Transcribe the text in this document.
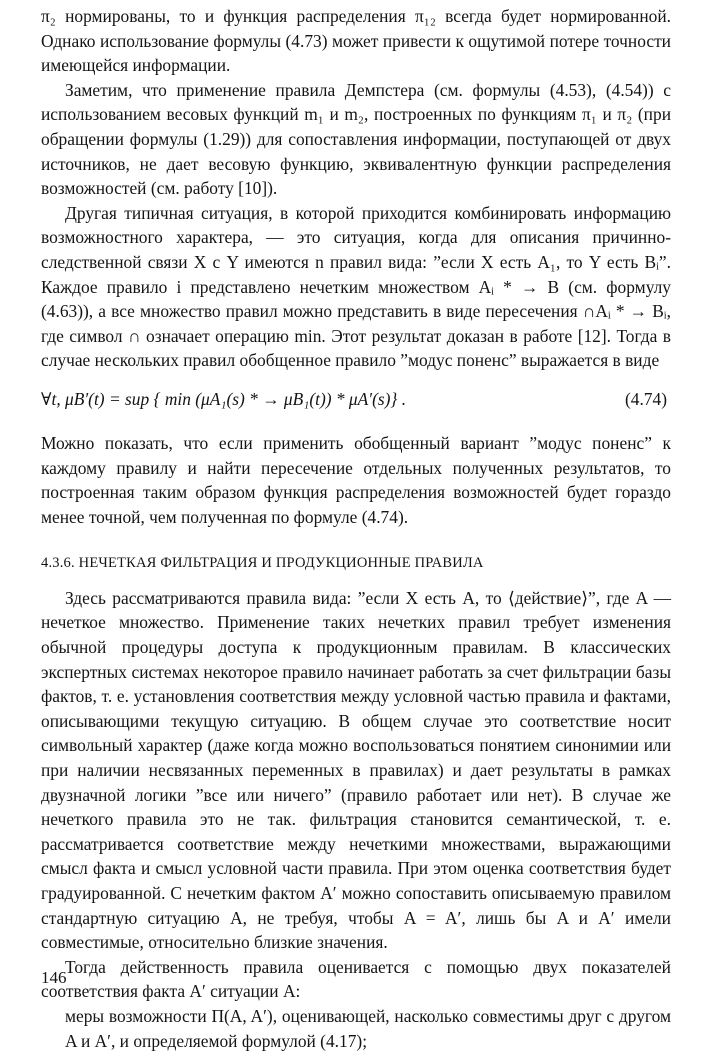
π₂ нормированы, то и функция распределения π₁₂ всегда будет нормированной. Однако использование формулы (4.73) может привести к ощутимой потере точности имеющейся информации.

Заметим, что применение правила Демпстера (см. формулы (4.53), (4.54)) с использованием весовых функций m₁ и m₂, построенных по функциям π₁ и π₂ (при обращении формулы (1.29)) для сопоставления информации, поступающей от двух источников, не дает весовую функцию, эквивалентную функции распределения возможностей (см. работу [10]).

Другая типичная ситуация, в которой приходится комбинировать информацию возможностного характера, — это ситуация, когда для описания причинно-следственной связи X с Y имеются n правил вида: ”если X есть A₁, то Y есть Bᵢ”. Каждое правило i представлено нечетким множеством Aᵢ * → B (см. формулу (4.63)), а все множество правил можно представить в виде пересечения ∩Aᵢ * → Bᵢ, где символ ∩ означает операцию min. Этот результат доказан в работе [12]. Тогда в случае нескольких правил обобщенное правило ”модус поненс” выражается в виде

∀t, μB′(t) = sup { min (μA₁(s) * → μB₁(t)) * μA′(s)} .	(4.74)

Можно показать, что если применить обобщенный вариант ”модус поненс” к каждому правилу и найти пересечение отдельных полученных результатов, то построенная таким образом функция распределения возможностей будет гораздо менее точной, чем полученная по формуле (4.74).

4.3.6. НЕЧЕТКАЯ ФИЛЬТРАЦИЯ И ПРОДУКЦИОННЫЕ ПРАВИЛА

Здесь рассматриваются правила вида: ”если X есть A, то ⟨действие⟩”, где A — нечеткое множество. Применение таких нечетких правил требует изменения обычной процедуры доступа к продукционным правилам. В классических экспертных системах некоторое правило начинает работать за счет фильтрации базы фактов, т. е. установления соответствия между условной частью правила и фактами, описывающими текущую ситуацию. В общем случае это соответствие носит символьный характер (даже когда можно воспользоваться понятием синонимии или при наличии несвязанных переменных в правилах) и дает результаты в рамках двузначной логики ”все или ничего” (правило работает или нет). В случае же нечеткого правила это не так. фильтрация становится семантической, т. е. рассматривается соответствие между нечеткими множествами, выражающими смысл факта и смысл условной части правила. При этом оценка соответствия будет градуированной. С нечетким фактом A′ можно сопоставить описываемую правилом стандартную ситуацию A, не требуя, чтобы A = A′, лишь бы A и A′ имели совместимые, относительно близкие значения.

Тогда действенность правила оценивается с помощью двух показателей соответствия факта A′ ситуации A:

меры возможности Π(A, A′), оценивающей, насколько совместимы друг с другом A и A′, и определяемой формулой (4.17);

146
